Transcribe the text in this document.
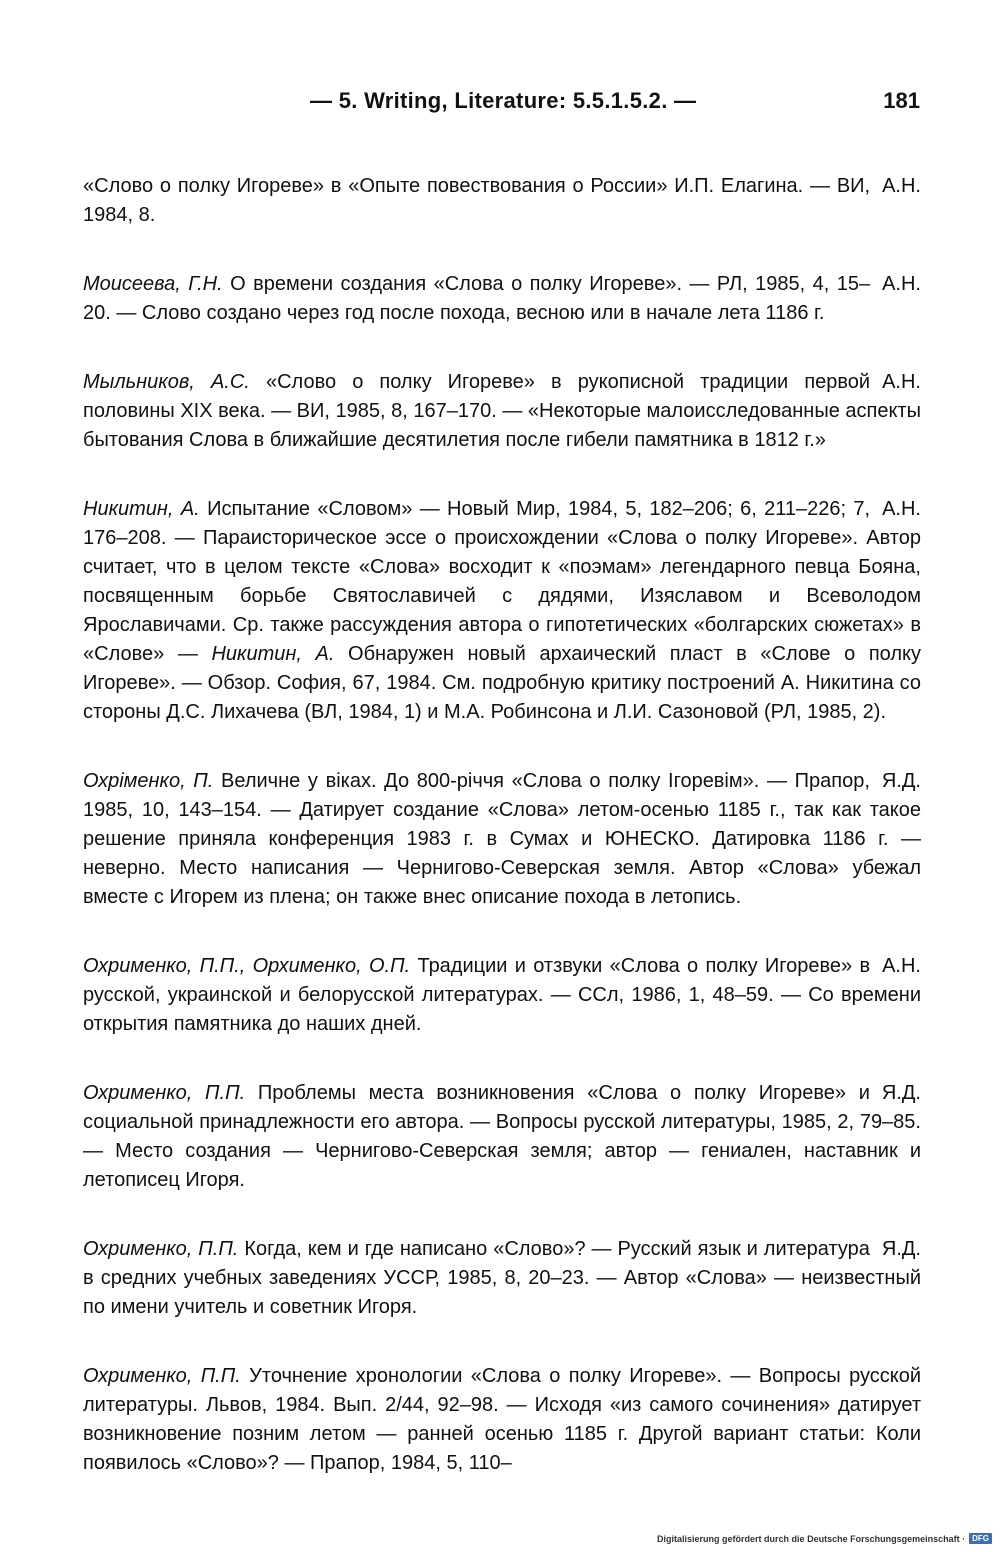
— 5. Writing, Literature: 5.5.1.5.2. —	181
А.Н.
«Слово о полку Игореве» в «Опыте повествования о России» И.П. Елагина. — ВИ, 1984, 8.
А.Н.
Моисеева, Г.Н. О времени создания «Слова о полку Игореве». — РЛ, 1985, 4, 15–20. — Слово создано через год после похода, весною или в начале лета 1186 г.
А.Н.
Мыльников, А.С. «Слово о полку Игореве» в рукописной традиции первой половины XIX века. — ВИ, 1985, 8, 167–170. — «Некоторые малоисследованные аспекты бытования Слова в ближайшие десятилетия после гибели памятника в 1812 г.»
А.Н.
Никитин, А. Испытание «Словом» — Новый Мир, 1984, 5, 182–206; 6, 211–226; 7, 176–208. — Параисторическое эссе о происхождении «Слова о полку Игореве». Автор считает, что в целом тексте «Слова» восходит к «поэмам» легендарного певца Бояна, посвященным борьбе Святославичей с дядями, Изяславом и Всеволодом Ярославичами. Ср. также рассуждения автора о гипотетических «болгарских сюжетах» в «Слове» — Никитин, А. Обнаружен новый архаический пласт в «Слове о полку Игореве». — Обзор. София, 67, 1984. См. подробную критику построений А. Никитина со стороны Д.С. Лихачева (ВЛ, 1984, 1) и М.А. Робинсона и Л.И. Сазоновой (РЛ, 1985, 2).
Я.Д.
Охріменко, П. Величне у віках. До 800-річчя «Слова о полку Ігоревім». — Прапор, 1985, 10, 143–154. — Датирует создание «Слова» летом-осенью 1185 г., так как такое решение приняла конференция 1983 г. в Сумах и ЮНЕСКО. Датировка 1186 г. — неверно. Место написания — Чернигово-Северская земля. Автор «Слова» убежал вместе с Игорем из плена; он также внес описание похода в летопись.
А.Н.
Охрименко, П.П., Орхименко, О.П. Традиции и отзвуки «Слова о полку Игореве» в русской, украинской и белорусской литературах. — ССл, 1986, 1, 48–59. — Со времени открытия памятника до наших дней.
Я.Д.
Охрименко, П.П. Проблемы места возникновения «Слова о полку Игореве» и социальной принадлежности его автора. — Вопросы русской литературы, 1985, 2, 79–85. — Место создания — Чернигово-Северская земля; автор — гениален, наставник и летописец Игоря.
Я.Д.
Охрименко, П.П. Когда, кем и где написано «Слово»? — Русский язык и литература в средних учебных заведениях УССР, 1985, 8, 20–23. — Автор «Слова» — неизвестный по имени учитель и советник Игоря.
Охрименко, П.П. Уточнение хронологии «Слова о полку Игореве». — Вопросы русской литературы. Львов, 1984. Вып. 2/44, 92–98. — Исходя «из самого сочинения» датирует возникновение позним летом — ранней осенью 1185 г. Другой вариант статьи: Коли появилось «Слово»? — Прапор, 1984, 5, 110–
Digitalisierung gefördert durch die Deutsche Forschungsgemeinschaft · DFG
